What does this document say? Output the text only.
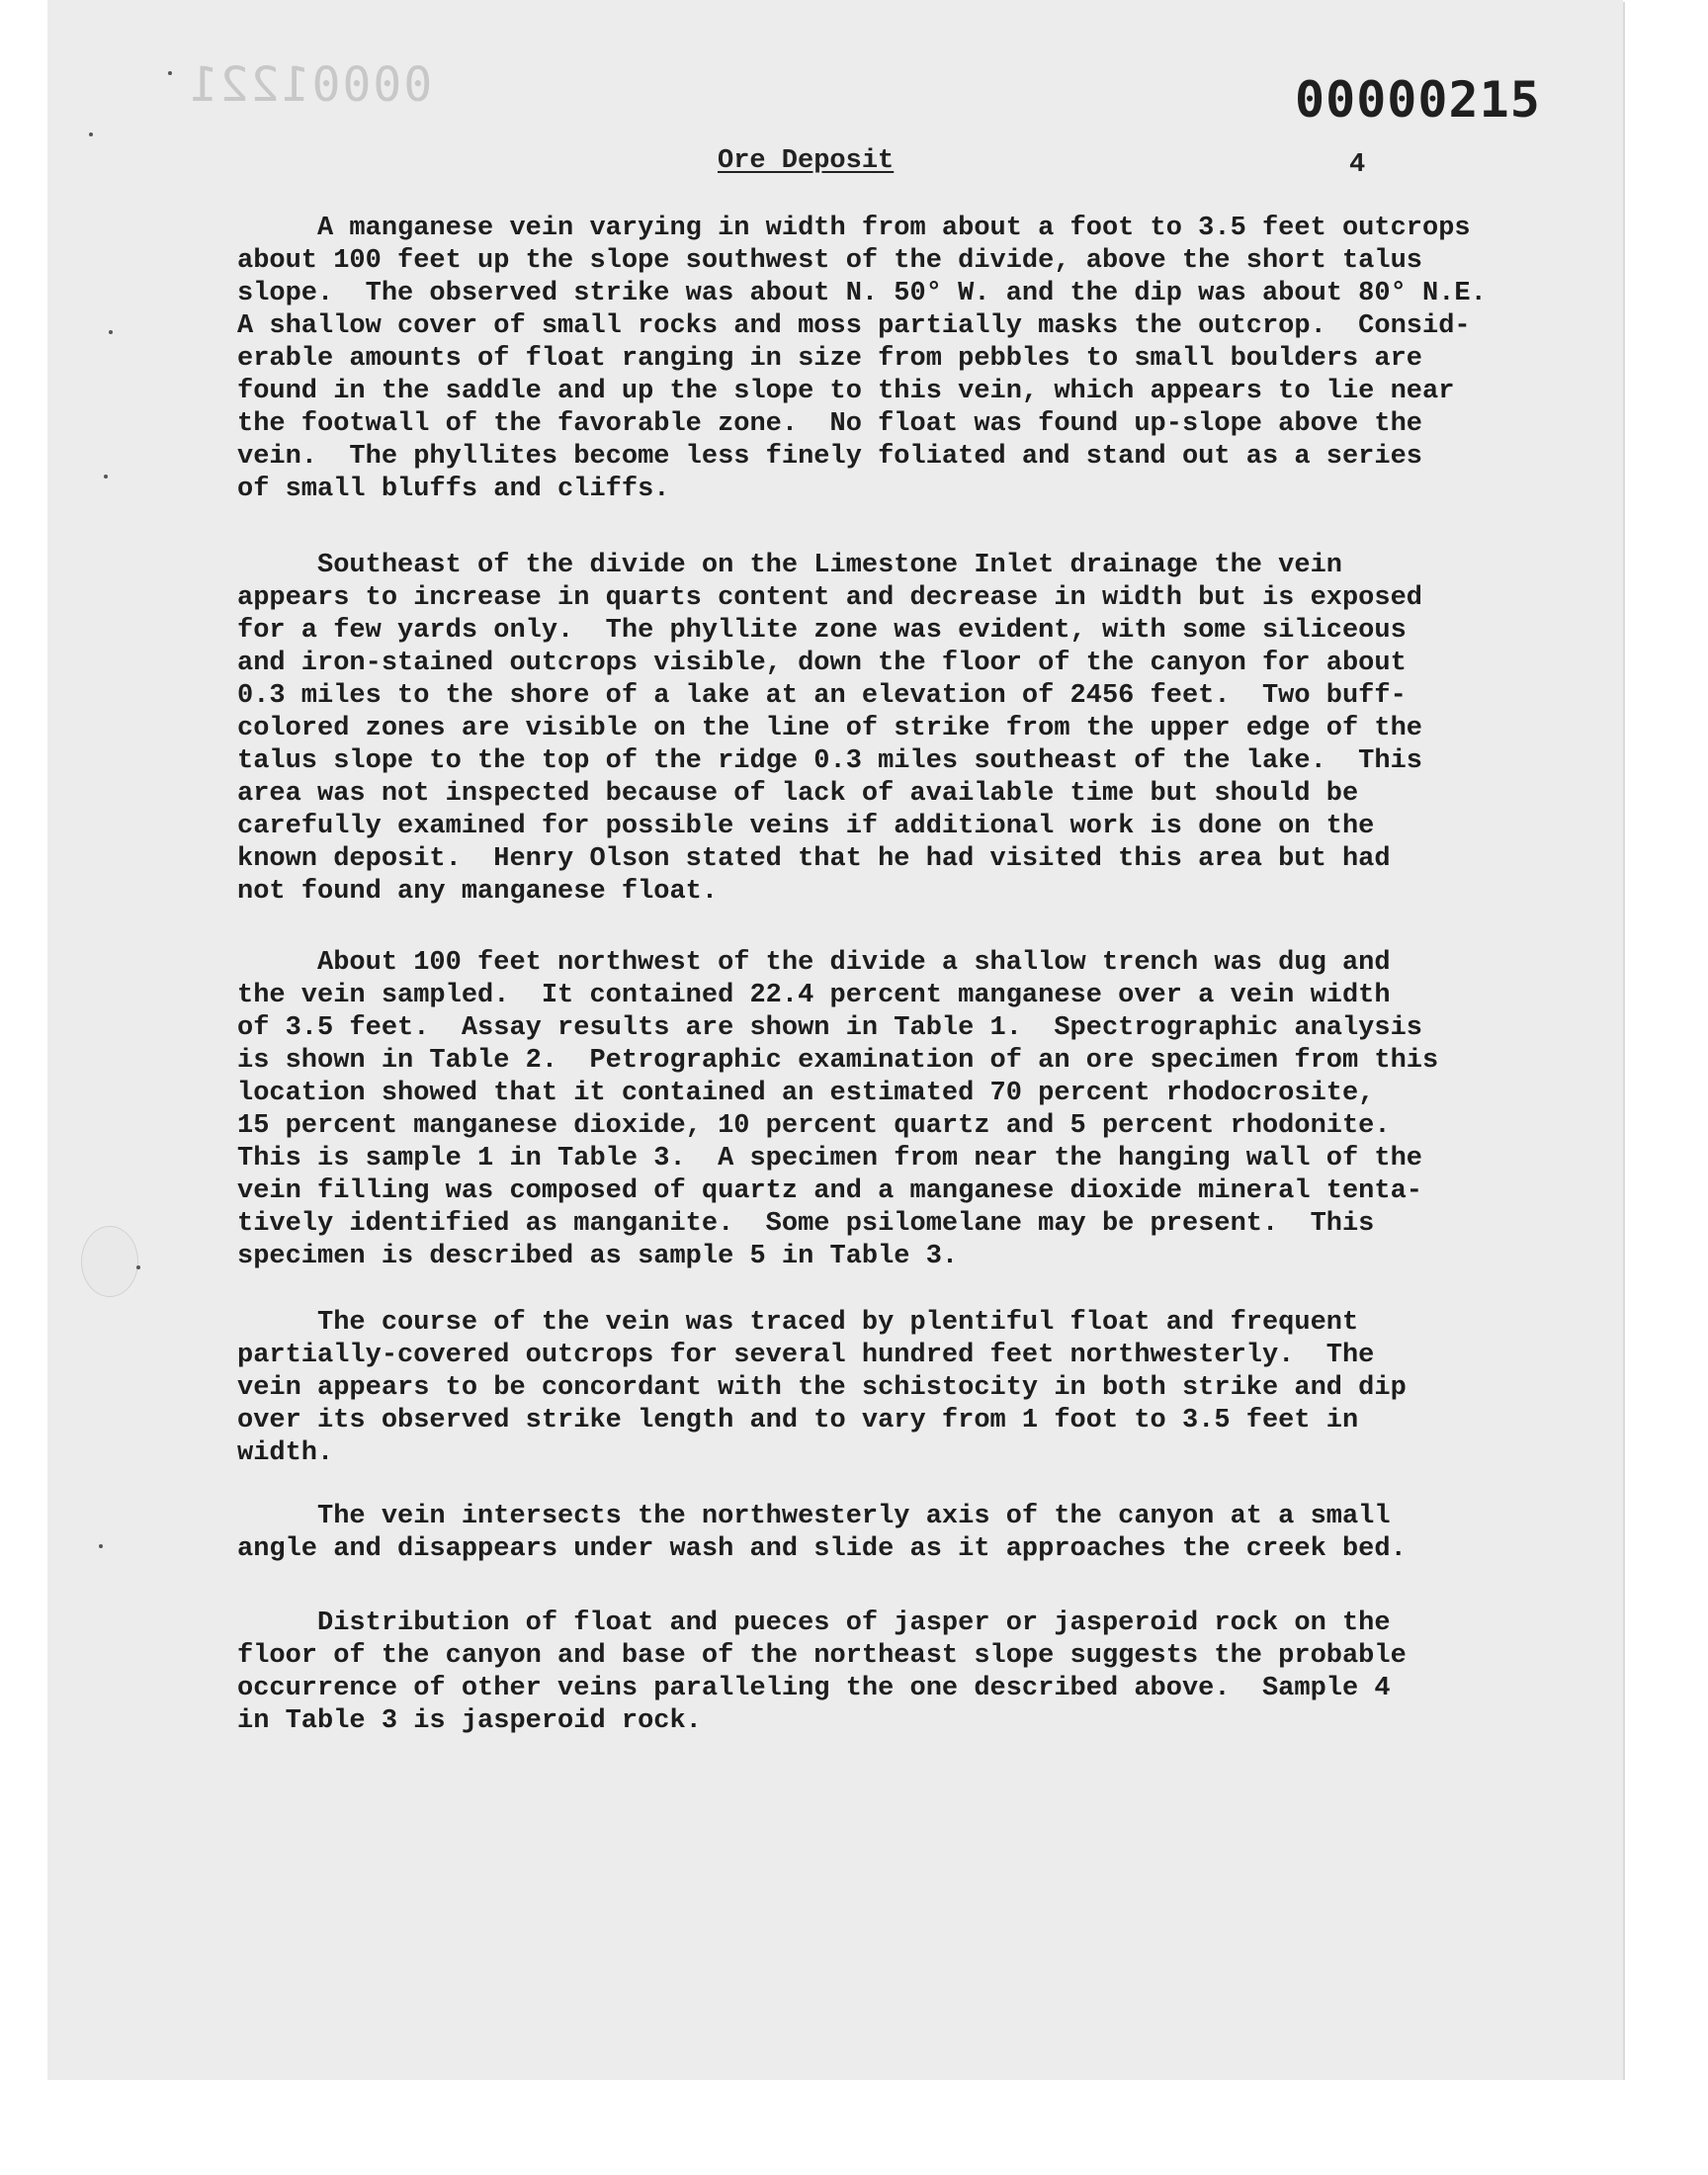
00001221	00000215
Ore Deposit	4
A manganese vein varying in width from about a foot to 3.5 feet outcrops
about 100 feet up the slope southwest of the divide, above the short talus
slope.  The observed strike was about N. 50° W. and the dip was about 80° N.E.
A shallow cover of small rocks and moss partially masks the outcrop.  Consid-
erable amounts of float ranging in size from pebbles to small boulders are
found in the saddle and up the slope to this vein, which appears to lie near
the footwall of the favorable zone.  No float was found up-slope above the
vein.  The phyllites become less finely foliated and stand out as a series
of small bluffs and cliffs.
Southeast of the divide on the Limestone Inlet drainage the vein
appears to increase in quarts content and decrease in width but is exposed
for a few yards only.  The phyllite zone was evident, with some siliceous
and iron-stained outcrops visible, down the floor of the canyon for about
0.3 miles to the shore of a lake at an elevation of 2456 feet.  Two buff-
colored zones are visible on the line of strike from the upper edge of the
talus slope to the top of the ridge 0.3 miles southeast of the lake.  This
area was not inspected because of lack of available time but should be
carefully examined for possible veins if additional work is done on the
known deposit.  Henry Olson stated that he had visited this area but had
not found any manganese float.
About 100 feet northwest of the divide a shallow trench was dug and
the vein sampled.  It contained 22.4 percent manganese over a vein width
of 3.5 feet.  Assay results are shown in Table 1.  Spectrographic analysis
is shown in Table 2.  Petrographic examination of an ore specimen from this
location showed that it contained an estimated 70 percent rhodocrosite,
15 percent manganese dioxide, 10 percent quartz and 5 percent rhodonite.
This is sample 1 in Table 3.  A specimen from near the hanging wall of the
vein filling was composed of quartz and a manganese dioxide mineral tenta-
tively identified as manganite.  Some psilomelane may be present.  This
specimen is described as sample 5 in Table 3.
The course of the vein was traced by plentiful float and frequent
partially-covered outcrops for several hundred feet northwesterly.  The
vein appears to be concordant with the schistocity in both strike and dip
over its observed strike length and to vary from 1 foot to 3.5 feet in
width.
The vein intersects the northwesterly axis of the canyon at a small
angle and disappears under wash and slide as it approaches the creek bed.
Distribution of float and pueces of jasper or jasperoid rock on the
floor of the canyon and base of the northeast slope suggests the probable
occurrence of other veins paralleling the one described above.  Sample 4
in Table 3 is jasperoid rock.
